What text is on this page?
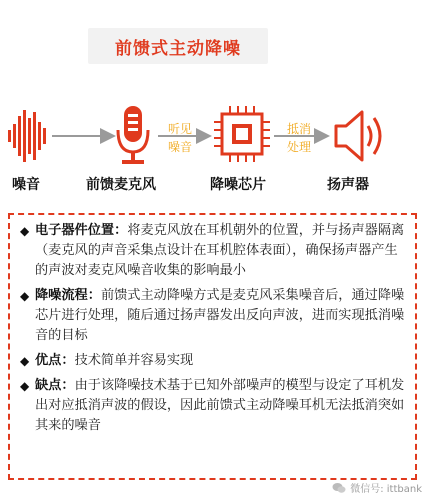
前馈式主动降噪
听见
噪音
抵消
处理
噪音	前馈麦克风	降噪芯片	扬声器
◆ 电子器件位置：将麦克风放在耳机朝外的位置，并与扬声器隔离（麦克风的声音采集点设计在耳机腔体表面），确保扬声器产生的声波对麦克风噪音收集的影响最小
◆ 降噪流程：前馈式主动降噪方式是麦克风采集噪音后，通过降噪芯片进行处理，随后通过扬声器发出反向声波，进而实现抵消噪音的目标
◆ 优点：技术简单并容易实现
◆ 缺点：由于该降噪技术基于已知外部噪声的模型与设定了耳机发出对应抵消声波的假设，因此前馈式主动降噪耳机无法抵消突如其来的噪音
微信号: ittbank
